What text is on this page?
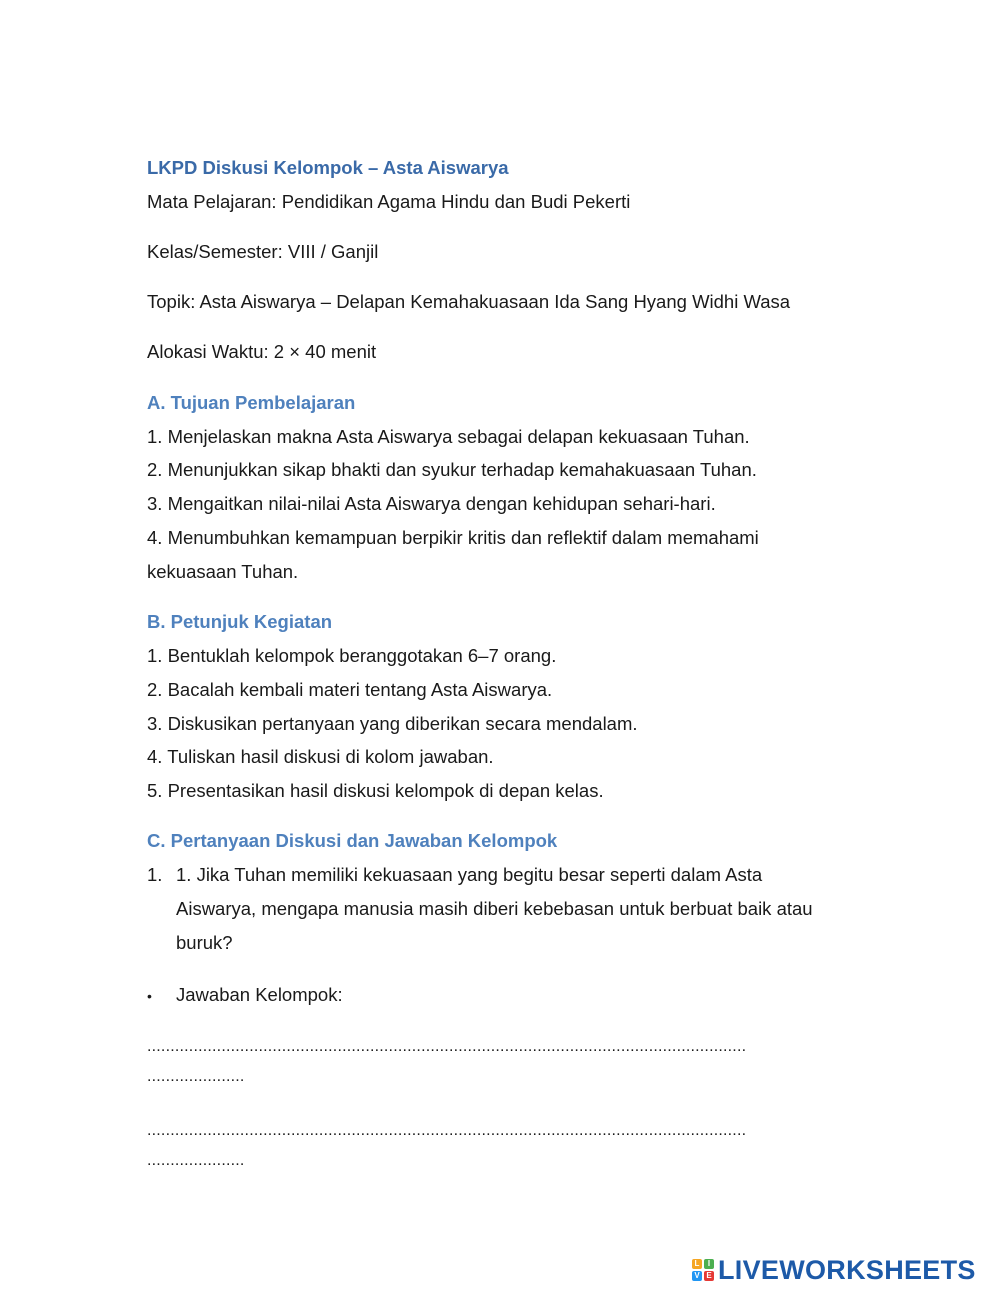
LKPD Diskusi Kelompok – Asta Aiswarya
Mata Pelajaran: Pendidikan Agama Hindu dan Budi Pekerti
Kelas/Semester: VIII / Ganjil
Topik: Asta Aiswarya – Delapan Kemahakuasaan Ida Sang Hyang Widhi Wasa
Alokasi Waktu: 2 × 40 menit
A. Tujuan Pembelajaran
1. Menjelaskan makna Asta Aiswarya sebagai delapan kekuasaan Tuhan.
2. Menunjukkan sikap bhakti dan syukur terhadap kemahakuasaan Tuhan.
3. Mengaitkan nilai-nilai Asta Aiswarya dengan kehidupan sehari-hari.
4. Menumbuhkan kemampuan berpikir kritis dan reflektif dalam memahami
kekuasaan Tuhan.
B. Petunjuk Kegiatan
1. Bentuklah kelompok beranggotakan 6–7 orang.
2. Bacalah kembali materi tentang Asta Aiswarya.
3. Diskusikan pertanyaan yang diberikan secara mendalam.
4. Tuliskan hasil diskusi di kolom jawaban.
5. Presentasikan hasil diskusi kelompok di depan kelas.
C. Pertanyaan Diskusi dan Jawaban Kelompok
1. 1. Jika Tuhan memiliki kekuasaan yang begitu besar seperti dalam Asta
Aiswarya, mengapa manusia masih diberi kebebasan untuk berbuat baik atau
buruk?
• Jawaban Kelompok:
.................................................................................................................................
.....................
.................................................................................................................................
.....................
L	I
V E LIVEWORKSHEETS
